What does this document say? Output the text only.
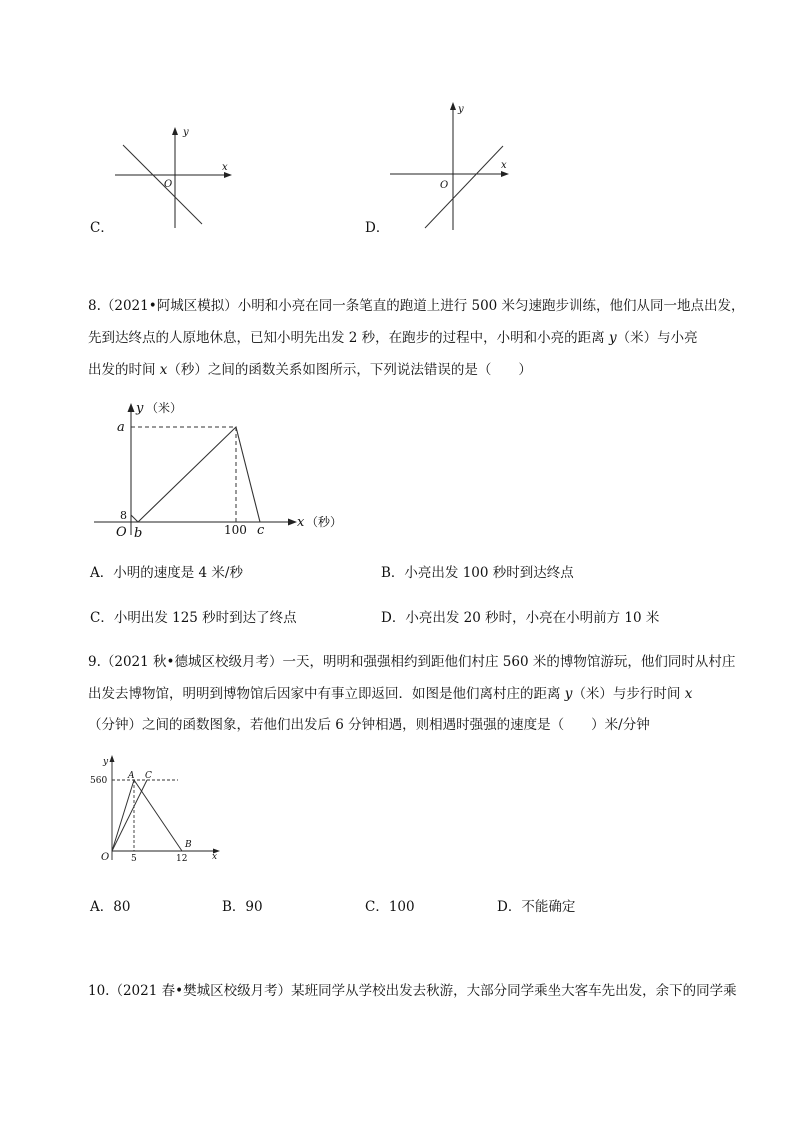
y
x
O
C．
y
x
O
D．
8.（2021•阿城区模拟）小明和小亮在同一条笔直的跑道上进行 500 米匀速跑步训练，他们从同一地点出发，
先到达终点的人原地休息，已知小明先出发 2 秒，在跑步的过程中，小明和小亮的距离 y（米）与小亮
出发的时间 x（秒）之间的函数关系如图所示，下列说法错误的是（　　）
y （米）
a
8
O b	100 c
x （秒）
A．小明的速度是 4 米/秒	B．小亮出发 100 秒时到达终点
C．小明出发 125 秒时到达了终点	D．小亮出发 20 秒时，小亮在小明前方 10 米
9.（2021 秋•德城区校级月考）一天，明明和强强相约到距他们村庄 560 米的博物馆游玩，他们同时从村庄
出发去博物馆，明明到博物馆后因家中有事立即返回．如图是他们离村庄的距离 y（米）与步行时间 x
（分钟）之间的函数图象，若他们出发后 6 分钟相遇，则相遇时强强的速度是（　　）米/分钟
y
560 A C
B
O 5	12	x
A．80	B．90	C．100	D．不能确定
10.（2021 春•樊城区校级月考）某班同学从学校出发去秋游，大部分同学乘坐大客车先出发，余下的同学乘
